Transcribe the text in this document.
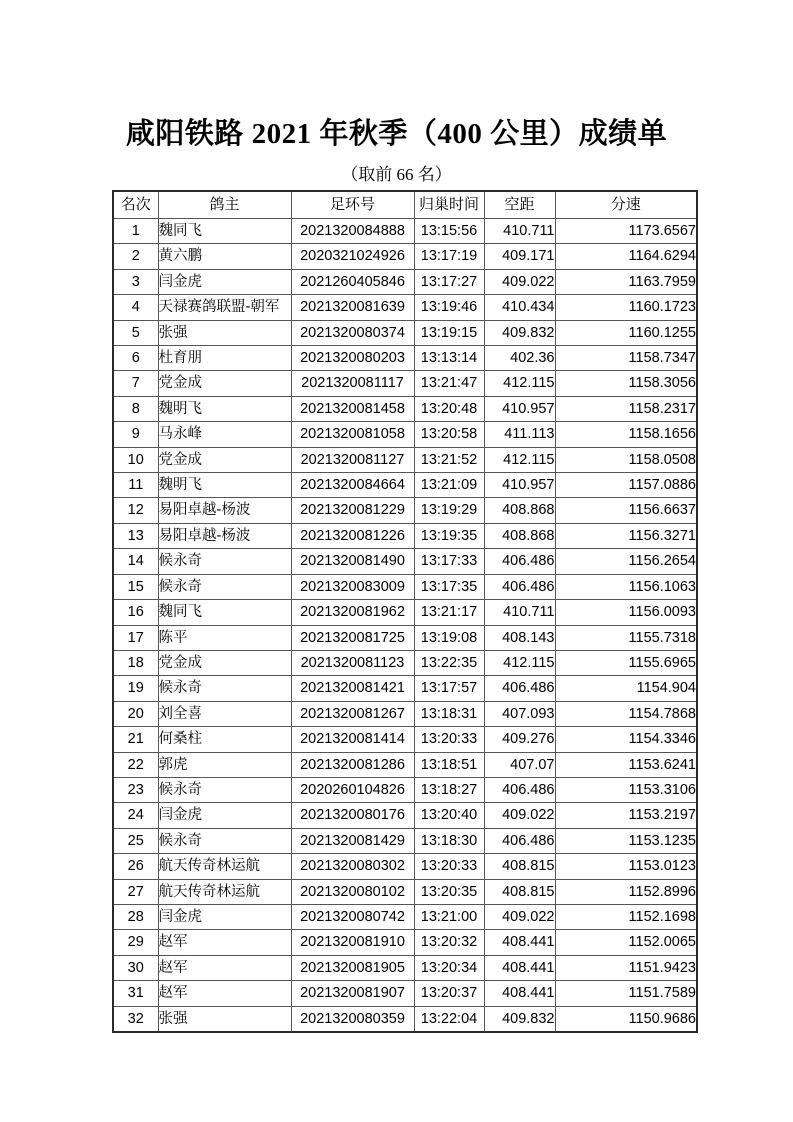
咸阳铁路 2021 年秋季（400 公里）成绩单
（取前 66 名）
名次	鸽主	足环号	归巢时间	空距	分速
1	魏同飞	2021320084888	13:15:56	410.711	1173.6567
2	黄六鹏	2020321024926	13:17:19	409.171	1164.6294
3	闫金虎	2021260405846	13:17:27	409.022	1163.7959
4	天禄赛鸽联盟-朝军	2021320081639	13:19:46	410.434	1160.1723
5	张强	2021320080374	13:19:15	409.832	1160.1255
6	杜育朋	2021320080203	13:13:14	402.36	1158.7347
7	党金成	2021320081117	13:21:47	412.115	1158.3056
8	魏明飞	2021320081458	13:20:48	410.957	1158.2317
9	马永峰	2021320081058	13:20:58	411.113	1158.1656
10	党金成	2021320081127	13:21:52	412.115	1158.0508
11	魏明飞	2021320084664	13:21:09	410.957	1157.0886
12	易阳卓越-杨波	2021320081229	13:19:29	408.868	1156.6637
13	易阳卓越-杨波	2021320081226	13:19:35	408.868	1156.3271
14	候永奇	2021320081490	13:17:33	406.486	1156.2654
15	候永奇	2021320083009	13:17:35	406.486	1156.1063
16	魏同飞	2021320081962	13:21:17	410.711	1156.0093
17	陈平	2021320081725	13:19:08	408.143	1155.7318
18	党金成	2021320081123	13:22:35	412.115	1155.6965
19	候永奇	2021320081421	13:17:57	406.486	1154.904
20	刘全喜	2021320081267	13:18:31	407.093	1154.7868
21	何桑柱	2021320081414	13:20:33	409.276	1154.3346
22	郭虎	2021320081286	13:18:51	407.07	1153.6241
23	候永奇	2020260104826	13:18:27	406.486	1153.3106
24	闫金虎	2021320080176	13:20:40	409.022	1153.2197
25	候永奇	2021320081429	13:18:30	406.486	1153.1235
26	航天传奇林运航	2021320080302	13:20:33	408.815	1153.0123
27	航天传奇林运航	2021320080102	13:20:35	408.815	1152.8996
28	闫金虎	2021320080742	13:21:00	409.022	1152.1698
29	赵军	2021320081910	13:20:32	408.441	1152.0065
30	赵军	2021320081905	13:20:34	408.441	1151.9423
31	赵军	2021320081907	13:20:37	408.441	1151.7589
32	张强	2021320080359	13:22:04	409.832	1150.9686
